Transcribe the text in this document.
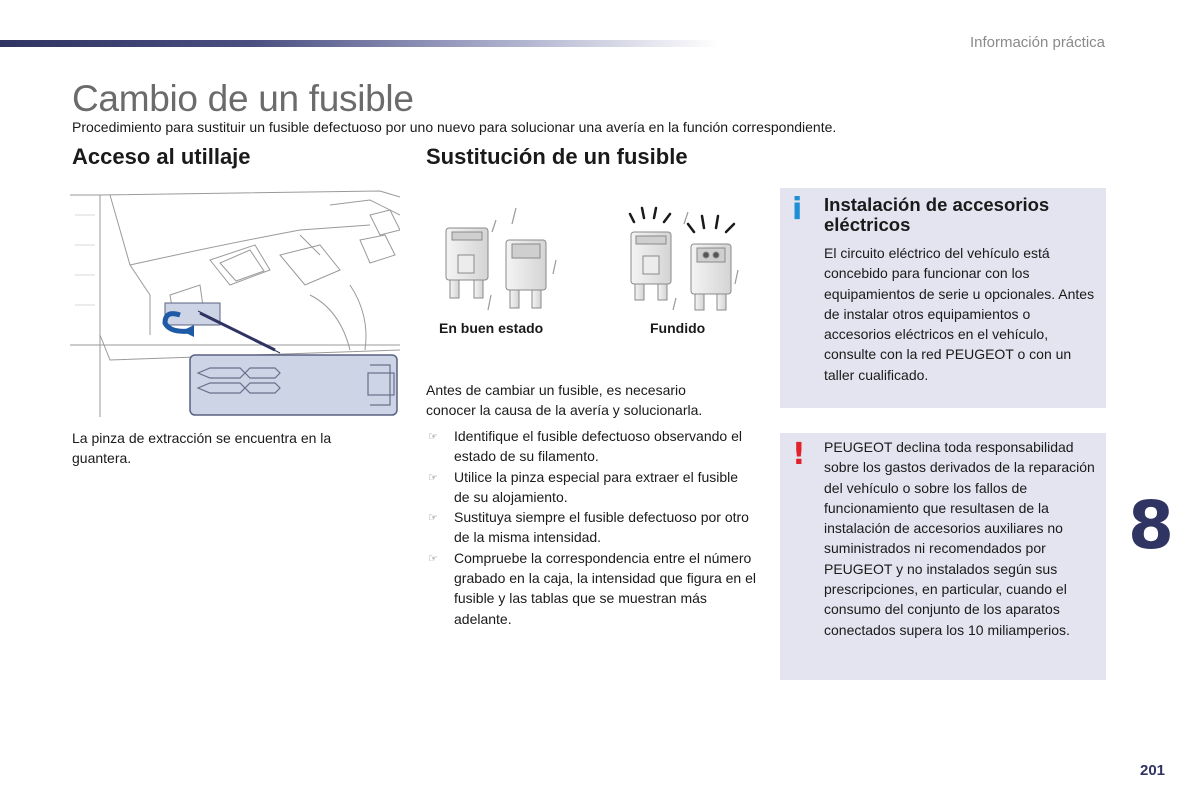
Información práctica
Cambio de un fusible
Procedimiento para sustituir un fusible defectuoso por uno nuevo para solucionar una avería en la función correspondiente.
Acceso al utillaje
La pinza de extracción se encuentra en la guantera.
Sustitución de un fusible
En buen estado	Fundido
Antes de cambiar un fusible, es necesario conocer la causa de la avería y solucionarla.
☞ Identifique el fusible defectuoso observando el estado de su filamento.
☞ Utilice la pinza especial para extraer el fusible de su alojamiento.
☞ Sustituya siempre el fusible defectuoso por otro de la misma intensidad.
☞ Compruebe la correspondencia entre el número grabado en la caja, la intensidad que figura en el fusible y las tablas que se muestran más adelante.
i Instalación de accesorios eléctricos
El circuito eléctrico del vehículo está concebido para funcionar con los equipamientos de serie u opcionales. Antes de instalar otros equipamientos o accesorios eléctricos en el vehículo, consulte con la red PEUGEOT o con un taller cualificado.
! PEUGEOT declina toda responsabilidad sobre los gastos derivados de la reparación del vehículo o sobre los fallos de funcionamiento que resultasen de la instalación de accesorios auxiliares no suministrados ni recomendados por PEUGEOT y no instalados según sus prescripciones, en particular, cuando el consumo del conjunto de los aparatos conectados supera los 10 miliamperios.
8
201
